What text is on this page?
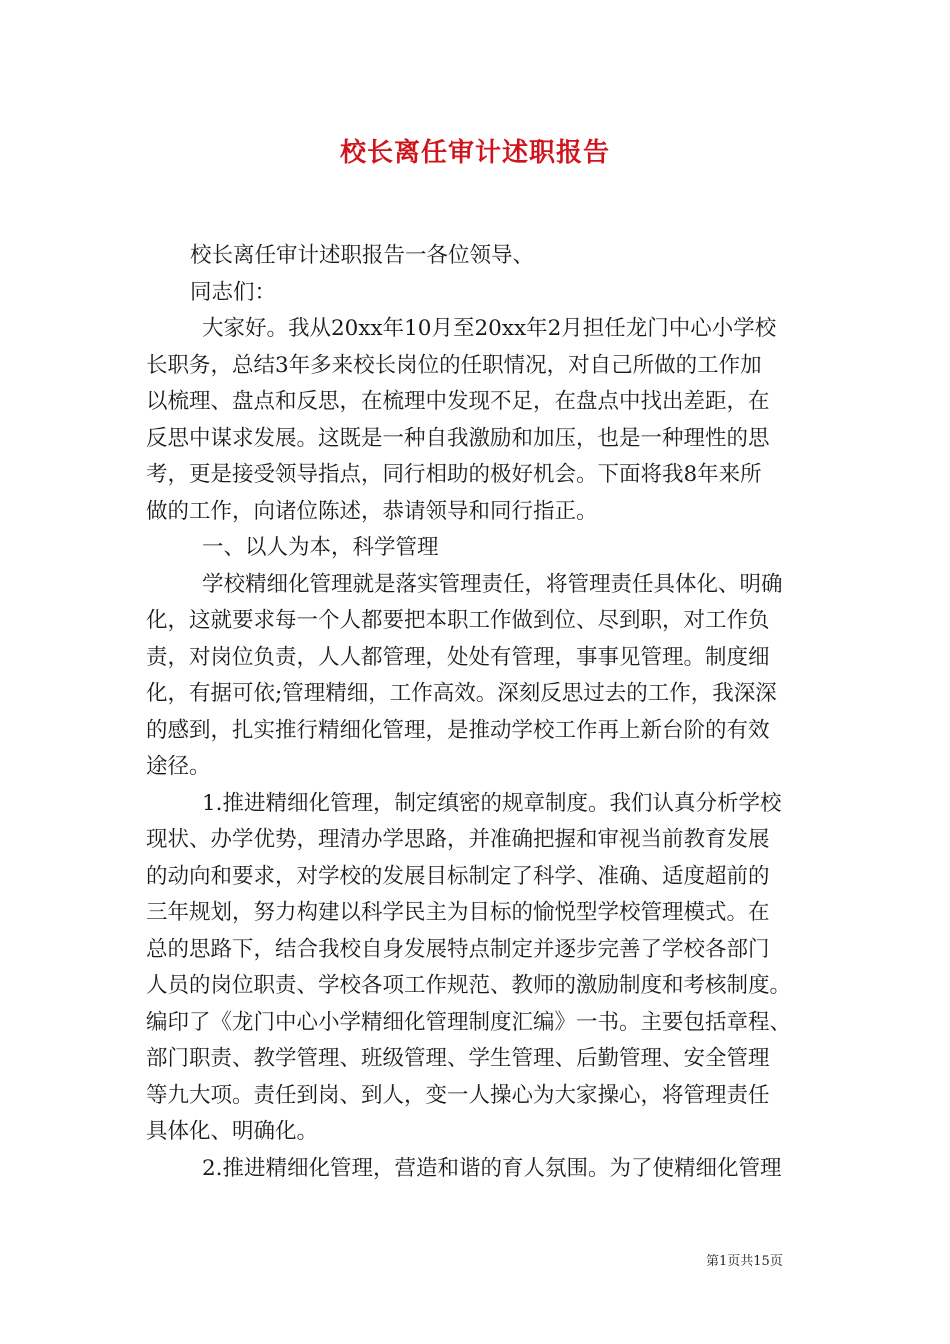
校长离任审计述职报告
校长离任审计述职报告一各位领导、
同志们：
大家好。我从20xx年10月至20xx年2月担任龙门中心小学校
长职务，总结3年多来校长岗位的任职情况，对自己所做的工作加
以梳理、盘点和反思，在梳理中发现不足，在盘点中找出差距，在
反思中谋求发展。这既是一种自我激励和加压，也是一种理性的思
考，更是接受领导指点，同行相助的极好机会。下面将我8年来所
做的工作，向诸位陈述，恭请领导和同行指正。
一、以人为本，科学管理
学校精细化管理就是落实管理责任，将管理责任具体化、明确
化，这就要求每一个人都要把本职工作做到位、尽到职，对工作负
责，对岗位负责，人人都管理，处处有管理，事事见管理。制度细
化，有据可依;管理精细，工作高效。深刻反思过去的工作，我深深
的感到，扎实推行精细化管理，是推动学校工作再上新台阶的有效
途径。
1.推进精细化管理，制定缜密的规章制度。我们认真分析学校
现状、办学优势，理清办学思路，并准确把握和审视当前教育发展
的动向和要求，对学校的发展目标制定了科学、准确、适度超前的
三年规划，努力构建以科学民主为目标的愉悦型学校管理模式。在
总的思路下，结合我校自身发展特点制定并逐步完善了学校各部门
人员的岗位职责、学校各项工作规范、教师的激励制度和考核制度。
编印了《龙门中心小学精细化管理制度汇编》一书。主要包括章程、
部门职责、教学管理、班级管理、学生管理、后勤管理、安全管理
等九大项。责任到岗、到人，变一人操心为大家操心，将管理责任
具体化、明确化。
2.推进精细化管理，营造和谐的育人氛围。为了使精细化管理
第1页共15页
